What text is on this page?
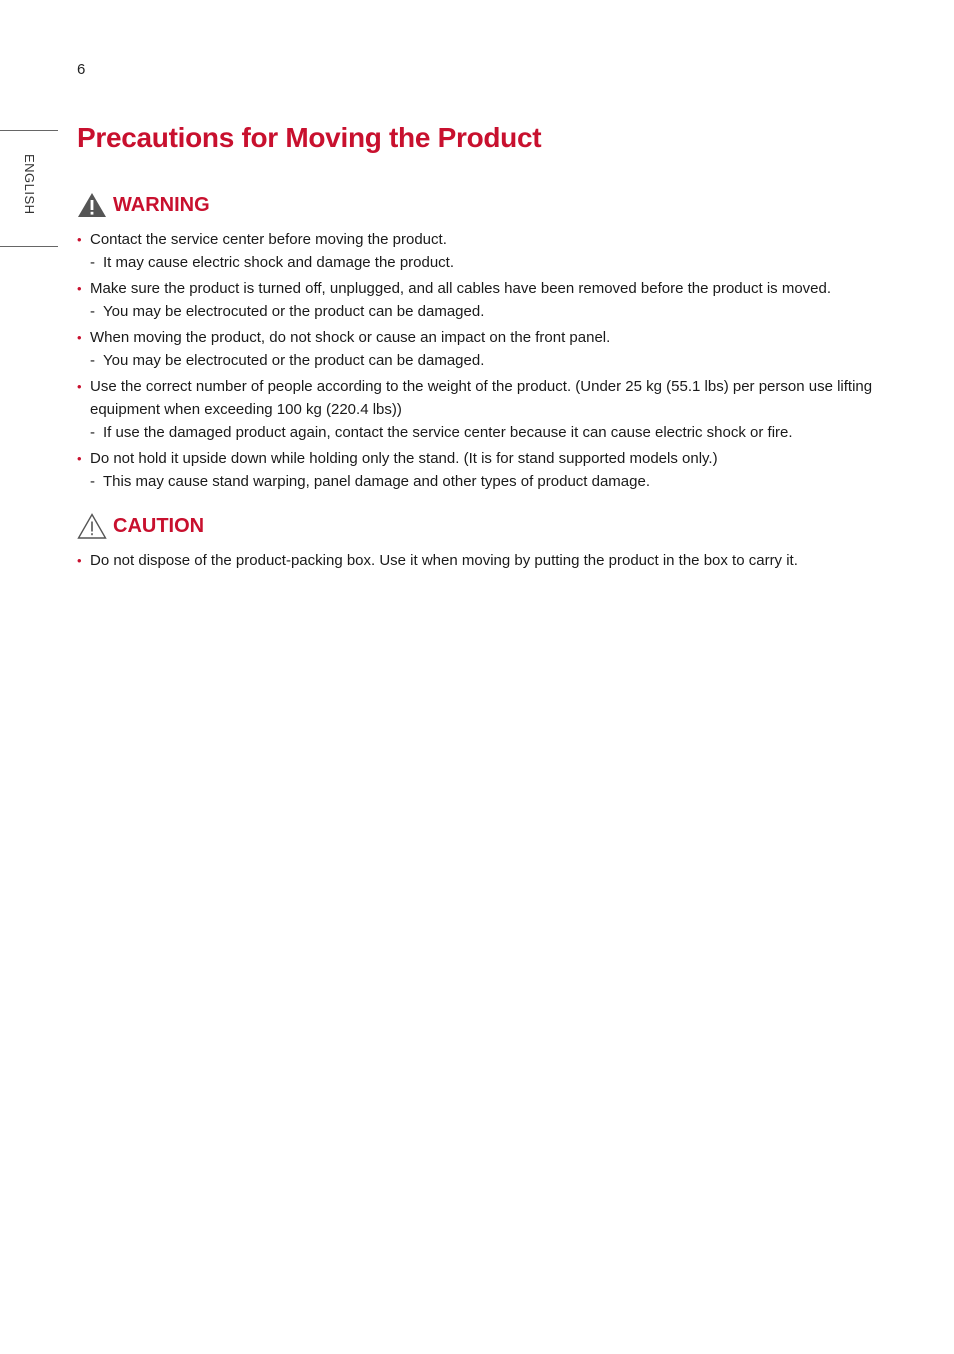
6
ENGLISH
Precautions for Moving the Product
WARNING
• Contact the service center before moving the product.
- It may cause electric shock and damage the product.
• Make sure the product is turned off, unplugged, and all cables have been removed before the product is moved.
- You may be electrocuted or the product can be damaged.
• When moving the product, do not shock or cause an impact on the front panel.
- You may be electrocuted or the product can be damaged.
• Use the correct number of people according to the weight of the product. (Under 25 kg (55.1 lbs) per person use lifting equipment when exceeding 100 kg (220.4 lbs))
- If use the damaged product again, contact the service center because it can cause electric shock or fire.
• Do not hold it upside down while holding only the stand. (It is for stand supported models only.)
- This may cause stand warping, panel damage and other types of product damage.
CAUTION
• Do not dispose of the product-packing box. Use it when moving by putting the product in the box to carry it.
